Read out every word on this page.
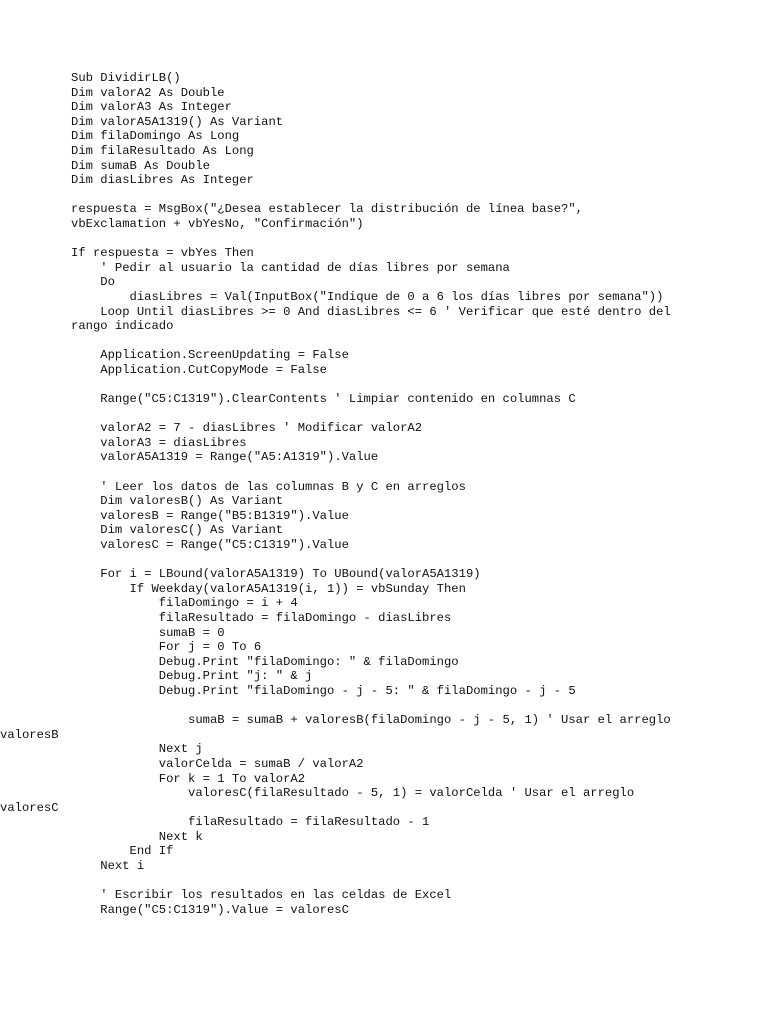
Sub DividirLB()
Dim valorA2 As Double
Dim valorA3 As Integer
Dim valorA5A1319() As Variant
Dim filaDomingo As Long
Dim filaResultado As Long
Dim sumaB As Double
Dim diasLibres As Integer
respuesta = MsgBox("¿Desea establecer la distribución de línea base?",
vbExclamation + vbYesNo, "Confirmación")
If respuesta = vbYes Then
' Pedir al usuario la cantidad de días libres por semana
Do
diasLibres = Val(InputBox("Indique de 0 a 6 los días libres por semana"))
Loop Until diasLibres >= 0 And diasLibres <= 6 ' Verificar que esté dentro del
rango indicado
Application.ScreenUpdating = False
Application.CutCopyMode = False
Range("C5:C1319").ClearContents ' Limpiar contenido en columnas C
valorA2 = 7 - diasLibres ' Modificar valorA2
valorA3 = diasLibres
valorA5A1319 = Range("A5:A1319").Value
' Leer los datos de las columnas B y C en arreglos
Dim valoresB() As Variant
valoresB = Range("B5:B1319").Value
Dim valoresC() As Variant
valoresC = Range("C5:C1319").Value
For i = LBound(valorA5A1319) To UBound(valorA5A1319)
If Weekday(valorA5A1319(i, 1)) = vbSunday Then
filaDomingo = i + 4
filaResultado = filaDomingo - diasLibres
sumaB = 0
For j = 0 To 6
Debug.Print "filaDomingo: " & filaDomingo
Debug.Print "j: " & j
Debug.Print "filaDomingo - j - 5: " & filaDomingo - j - 5
sumaB = sumaB + valoresB(filaDomingo - j - 5, 1) ' Usar el arreglo
valoresB
Next j
valorCelda = sumaB / valorA2
For k = 1 To valorA2
valoresC(filaResultado - 5, 1) = valorCelda ' Usar el arreglo
valoresC
filaResultado = filaResultado - 1
Next k
End If
Next i
' Escribir los resultados en las celdas de Excel
Range("C5:C1319").Value = valoresC
